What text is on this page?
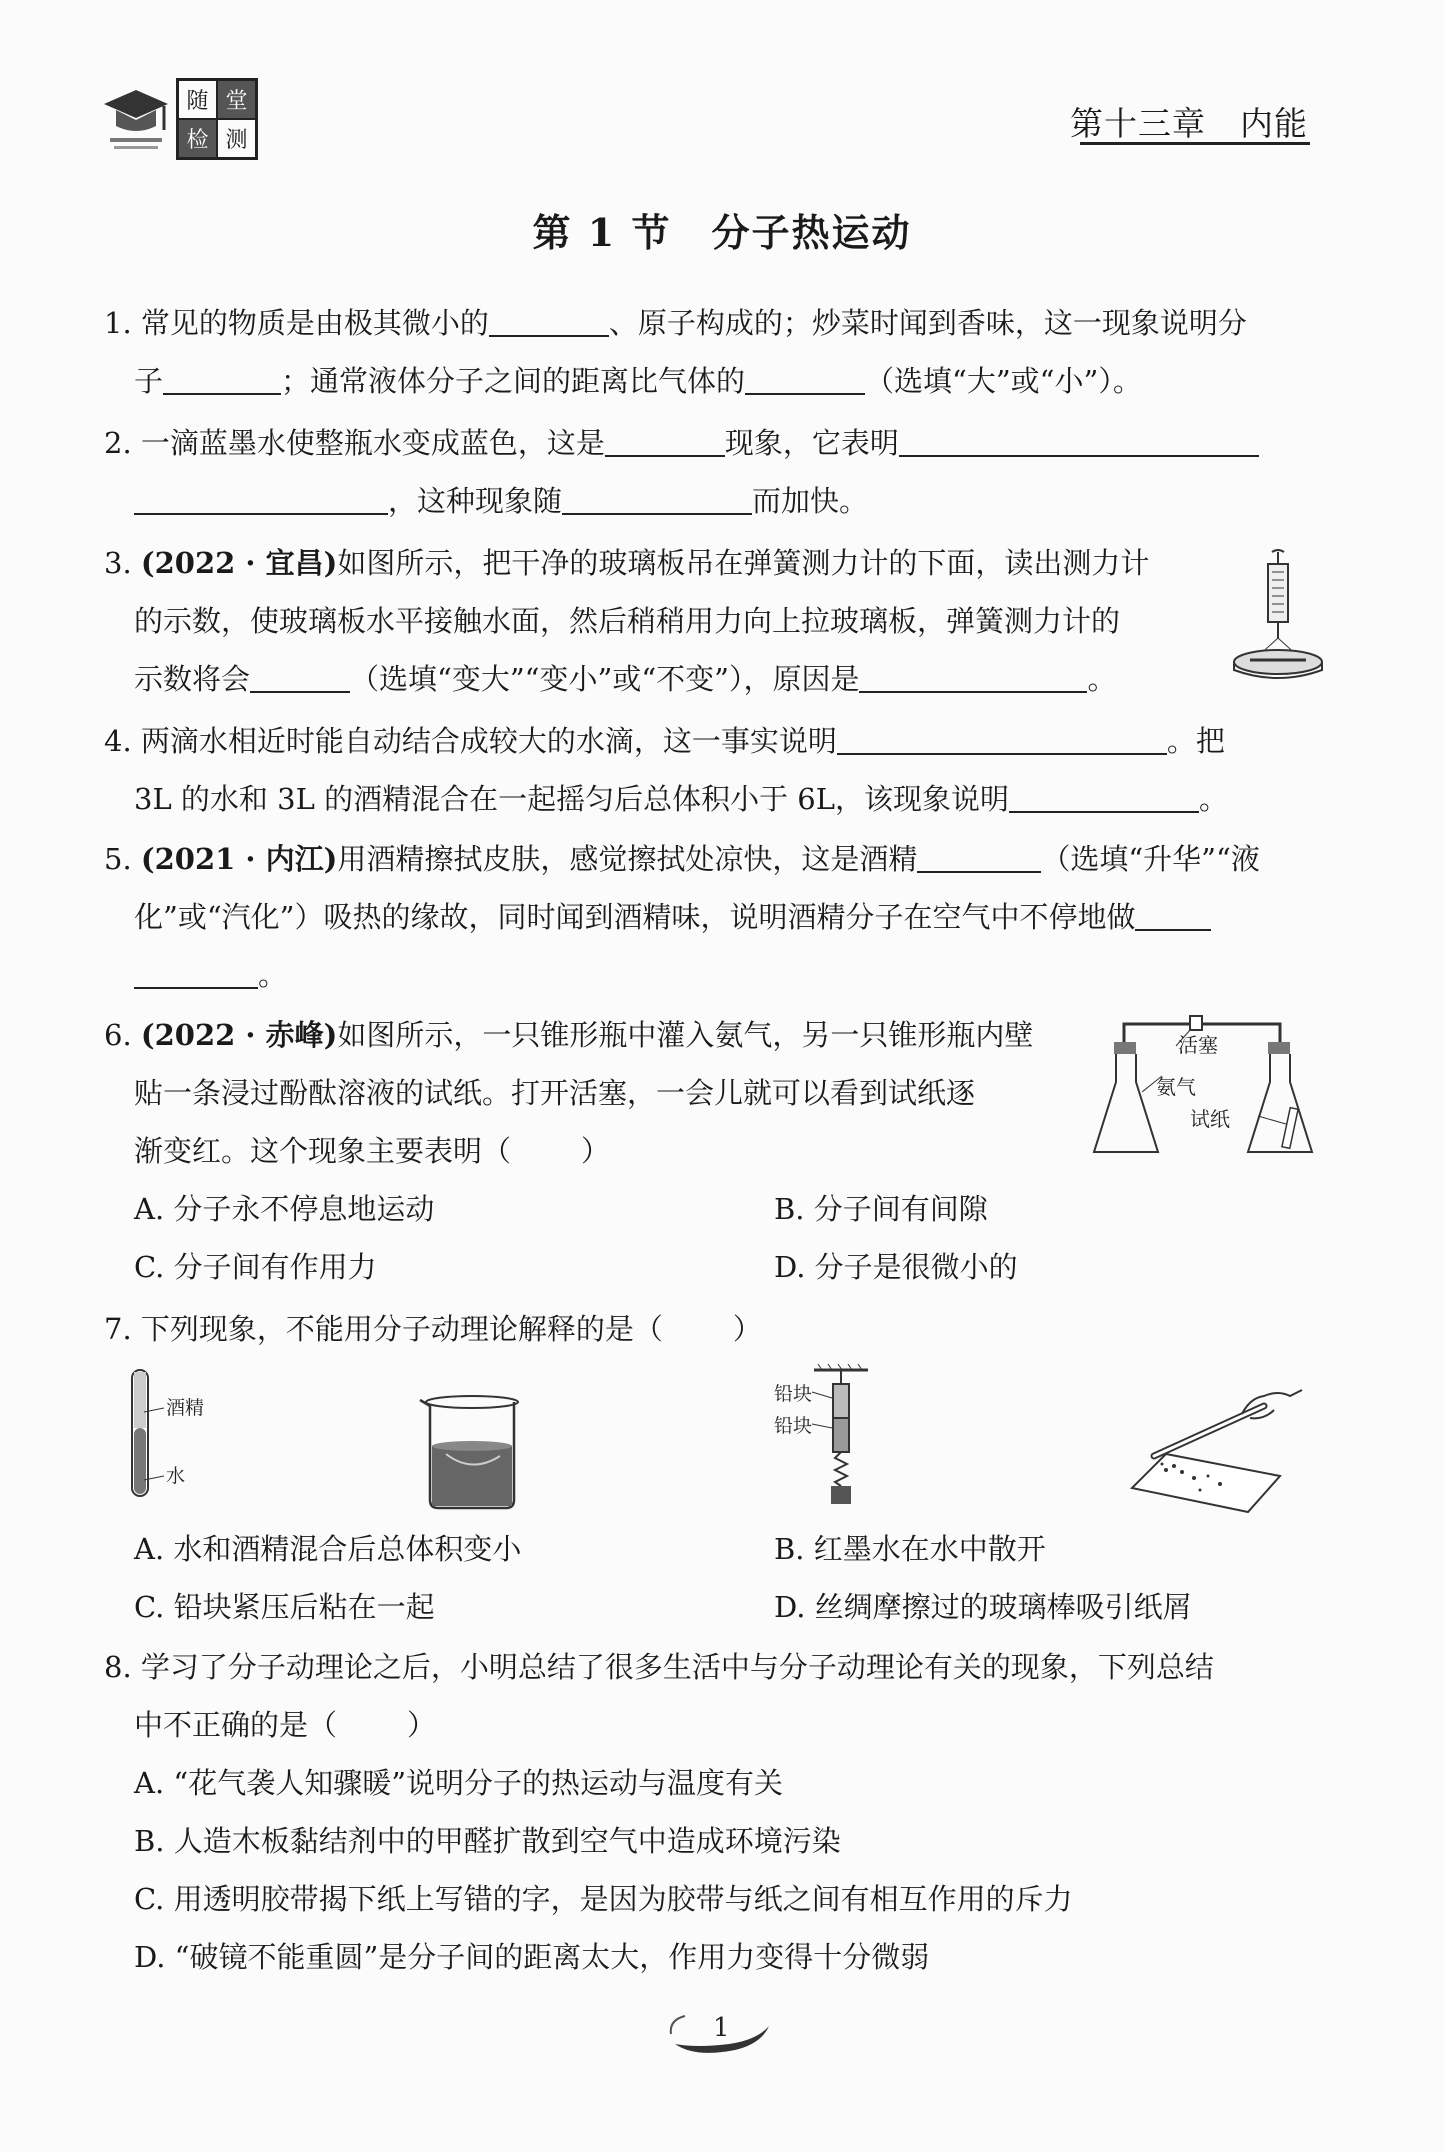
随 堂
检 测	第十三章　内能
第 1 节　分子热运动
1. 常见的物质是由极其微小的	、原子构成的；炒菜时闻到香味，这一现象说明分
子	；通常液体分子之间的距离比气体的	（选填“大”或“小”）。
2. 一滴蓝墨水使整瓶水变成蓝色，这是	现象，它表明
，这种现象随	而加快。
3. (2022 · 宜昌)如图所示，把干净的玻璃板吊在弹簧测力计的下面，读出测力计
的示数，使玻璃板水平接触水面，然后稍稍用力向上拉玻璃板，弹簧测力计的
示数将会	（选填“变大”“变小”或“不变”），原因是	。
4. 两滴水相近时能自动结合成较大的水滴，这一事实说明	。把
3L 的水和 3L 的酒精混合在一起摇匀后总体积小于 6L，该现象说明	。
5. (2021 · 内江)用酒精擦拭皮肤，感觉擦拭处凉快，这是酒精	（选填“升华”“液
化”或“汽化”）吸热的缘故，同时闻到酒精味，说明酒精分子在空气中不停地做
。
6. (2022 · 赤峰)如图所示，一只锥形瓶中灌入氨气，另一只锥形瓶内壁
贴一条浸过酚酞溶液的试纸。打开活塞，一会儿就可以看到试纸逐
渐变红。这个现象主要表明（ ）
A. 分子永不停息地运动	B. 分子间有间隙
C. 分子间有作用力	D. 分子是很微小的
活塞
氨气
试纸
7. 下列现象，不能用分子动理论解释的是（ ）
酒精
水
铅块
铅块
A. 水和酒精混合后总体积变小	B. 红墨水在水中散开
C. 铅块紧压后粘在一起	D. 丝绸摩擦过的玻璃棒吸引纸屑
8. 学习了分子动理论之后，小明总结了很多生活中与分子动理论有关的现象，下列总结
中不正确的是（ ）
A. “花气袭人知骤暖”说明分子的热运动与温度有关
B. 人造木板黏结剂中的甲醛扩散到空气中造成环境污染
C. 用透明胶带揭下纸上写错的字，是因为胶带与纸之间有相互作用的斥力
D. “破镜不能重圆”是分子间的距离太大，作用力变得十分微弱
1
